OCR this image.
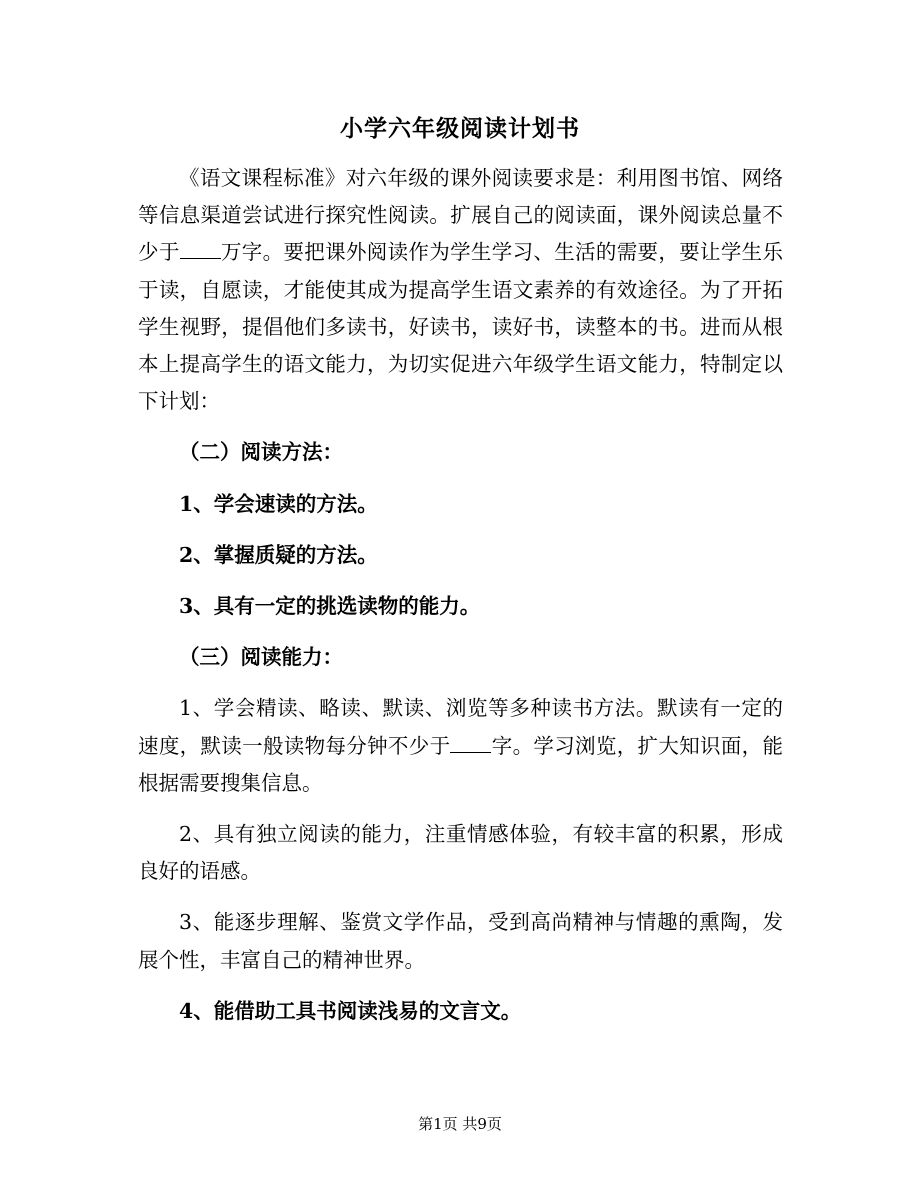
小学六年级阅读计划书

《语文课程标准》对六年级的课外阅读要求是：利用图书馆、网络等信息渠道尝试进行探究性阅读。扩展自己的阅读面，课外阅读总量不少于 万字。要把课外阅读作为学生学习、生活的需要，要让学生乐于读，自愿读，才能使其成为提高学生语文素养的有效途径。为了开拓学生视野，提倡他们多读书，好读书，读好书，读整本的书。进而从根本上提高学生的语文能力，为切实促进六年级学生语文能力，特制定以下计划：

（二）阅读方法：

1、学会速读的方法。

2、掌握质疑的方法。

3、具有一定的挑选读物的能力。

（三）阅读能力：

1、学会精读、略读、默读、浏览等多种读书方法。默读有一定的速度，默读一般读物每分钟不少于 字。学习浏览，扩大知识面，能根据需要搜集信息。

2、具有独立阅读的能力，注重情感体验，有较丰富的积累，形成良好的语感。

3、能逐步理解、鉴赏文学作品，受到高尚精神与情趣的熏陶，发展个性，丰富自己的精神世界。

4、能借助工具书阅读浅易的文言文。

第1页 共9页
